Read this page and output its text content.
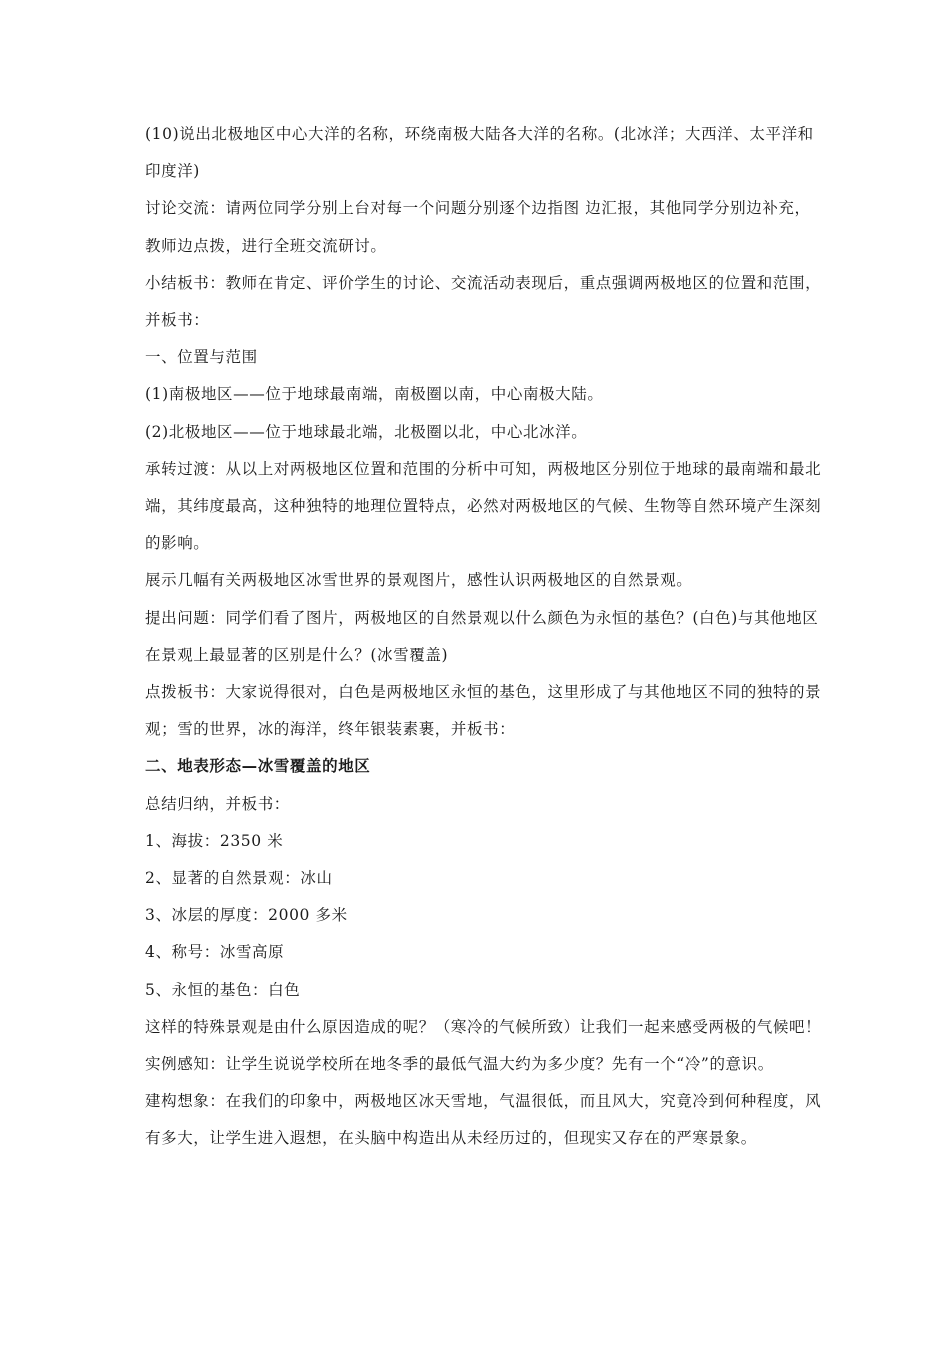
(10)说出北极地区中心大洋的名称，环绕南极大陆各大洋的名称。(北冰洋；大西洋、太平洋和印度洋)

讨论交流：请两位同学分别上台对每一个问题分别逐个边指图 边汇报，其他同学分别边补充，教师边点拨，进行全班交流研讨。

小结板书：教师在肯定、评价学生的讨论、交流活动表现后，重点强调两极地区的位置和范围，并板书：

一、位置与范围

(1)南极地区——位于地球最南端，南极圈以南，中心南极大陆。

(2)北极地区——位于地球最北端，北极圈以北，中心北冰洋。

承转过渡：从以上对两极地区位置和范围的分析中可知，两极地区分别位于地球的最南端和最北端，其纬度最高，这种独特的地理位置特点，必然对两极地区的气候、生物等自然环境产生深刻的影响。

展示几幅有关两极地区冰雪世界的景观图片，感性认识两极地区的自然景观。

提出问题：同学们看了图片，两极地区的自然景观以什么颜色为永恒的基色？(白色)与其他地区在景观上最显著的区别是什么？(冰雪覆盖)

点拨板书：大家说得很对，白色是两极地区永恒的基色，这里形成了与其他地区不同的独特的景观；雪的世界，冰的海洋，终年银装素裹，并板书：

二、地表形态—冰雪覆盖的地区

总结归纳，并板书：

1、海拔：2350 米

2、显著的自然景观：冰山

3、冰层的厚度：2000 多米

4、称号：冰雪高原

5、永恒的基色：白色

这样的特殊景观是由什么原因造成的呢？（寒冷的气候所致）让我们一起来感受两极的气候吧！

实例感知：让学生说说学校所在地冬季的最低气温大约为多少度？先有一个“冷”的意识。

建构想象：在我们的印象中，两极地区冰天雪地，气温很低，而且风大，究竟冷到何种程度，风有多大，让学生进入遐想，在头脑中构造出从未经历过的，但现实又存在的严寒景象。
